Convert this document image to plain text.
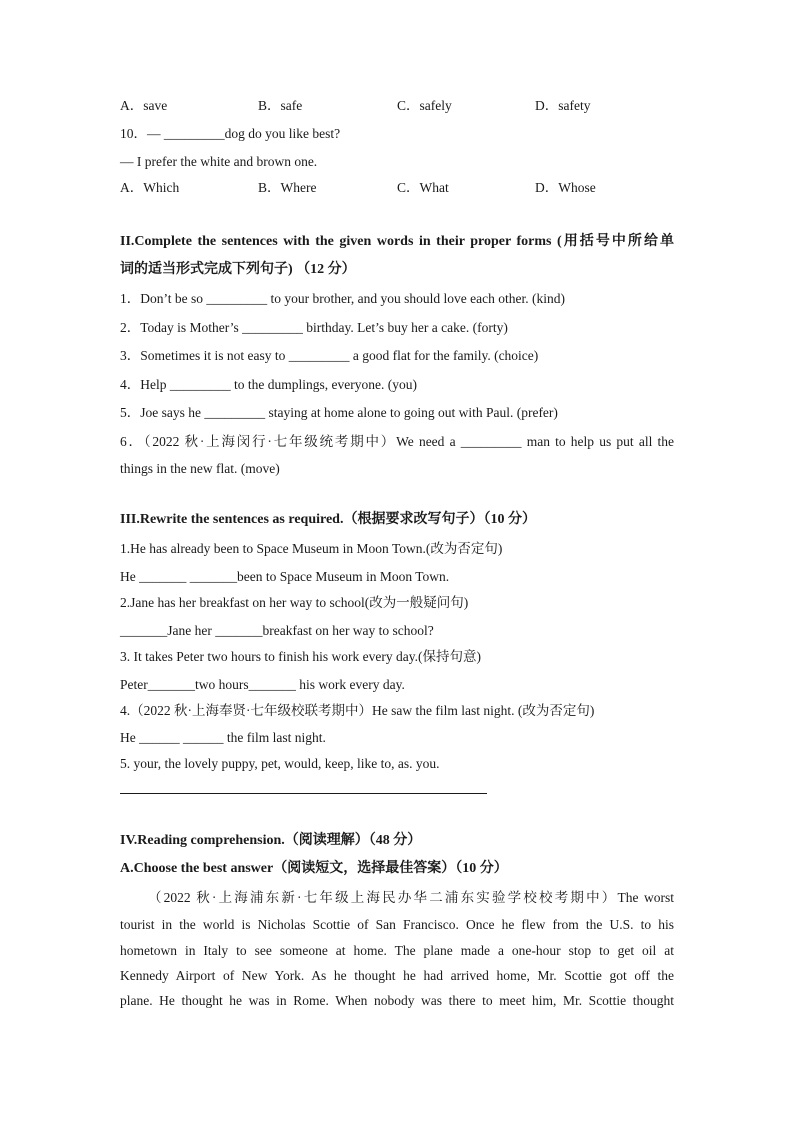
A．save	B．safe	C．safely	D．safety
10．— _________dog do you like best?
— I prefer the white and brown one.
A．Which	B．Where	C．What	D．Whose
II.Complete the sentences with the given words in their proper forms (用括号中所给单
词的适当形式完成下列句子) （12 分）
1．Don’t be so _________ to your brother, and you should love each other. (kind)
2．Today is Mother’s _________ birthday. Let’s buy her a cake. (forty)
3．Sometimes it is not easy to _________ a good flat for the family. (choice)
4．Help _________ to the dumplings, everyone. (you)
5．Joe says he _________ staying at home alone to going out with Paul. (prefer)
6．（2022 秋·上海闵行·七年级统考期中）We need a _________ man to help us put all the
things in the new flat. (move)
III.Rewrite the sentences as required.（根据要求改写句子）（10 分）
1.He has already been to Space Museum in Moon Town.(改为否定句)
He _______ _______been to Space Museum in Moon Town.
2.Jane has her breakfast on her way to school(改为一般疑问句)
_______Jane her _______breakfast on her way to school?
3. It takes Peter two hours to finish his work every day.(保持句意)
Peter_______two hours_______ his work every day.
4.（2022 秋·上海奉贤·七年级校联考期中）He saw the film last night. (改为否定句)
He ______ ______ the film last night.
5. your, the lovely puppy, pet, would, keep, like to, as. you.
IV.Reading comprehension.（阅读理解）（48 分）
A.Choose the best answer（阅读短文，选择最佳答案）（10 分）
（2022 秋·上海浦东新·七年级上海民办华二浦东实验学校校考期中）The worst
tourist in the world is Nicholas Scottie of San Francisco. Once he flew from the U.S. to his
hometown in Italy to see someone at home. The plane made a one-hour stop to get oil at
Kennedy Airport of New York. As he thought he had arrived home, Mr. Scottie got off the
plane. He thought he was in Rome. When nobody was there to meet him, Mr. Scottie thought
